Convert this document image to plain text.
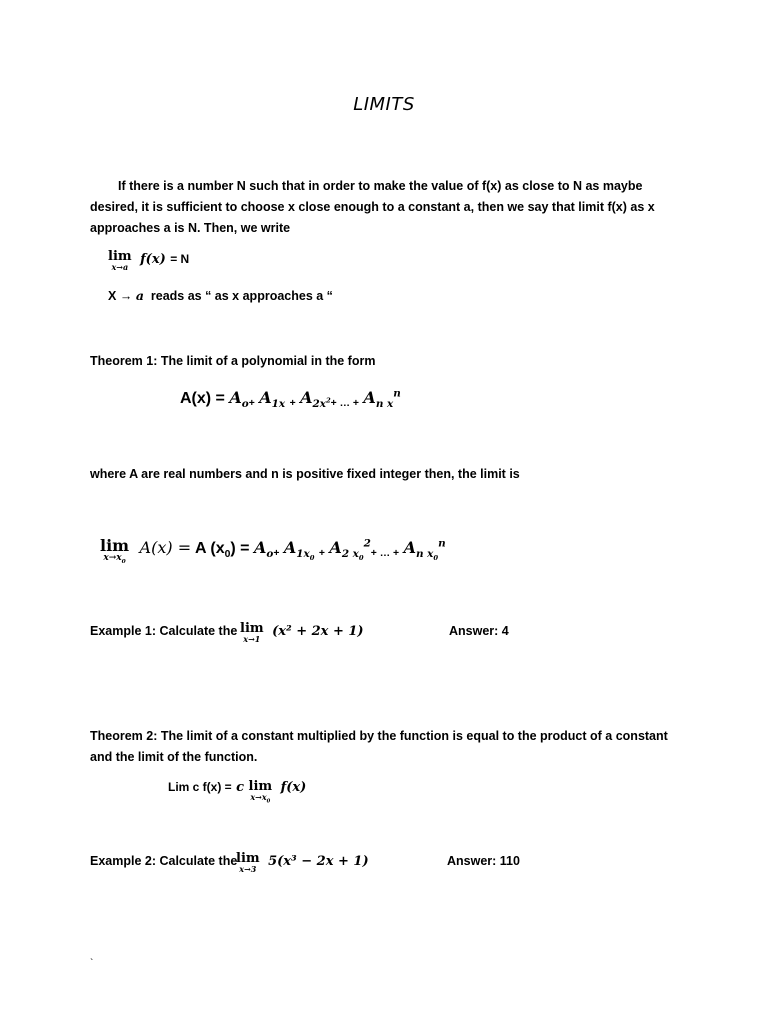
LIMITS
If there is a number N such that in order to make the value of f(x) as close to N as maybe desired, it is sufficient to choose x close enough to a constant a, then we say that limit f(x) as x approaches a is N. Then, we write
lim
x→a f(x) = N
X → a reads as “ as x approaches a “
Theorem 1: The limit of a polynomial in the form
$A(x) = A_o+ A_{1x} + A_{2x^2}+$ … + $A_{n x}^n$
where A are real numbers and n is positive fixed integer then, the limit is
lim
$x\to x_0$
A(x) = A $(x_0) = A_o+ A_{1x_0} + A_{2 x_0}^2+$ … + $A_{n x_0}^n$
Example 1: Calculate the lim
x→1 (x² + 2x + 1)	Answer: 4
Theorem 2: The limit of a constant multiplied by the function is equal to the product of a constant and the limit of the function.
$^{Lim c f(x) =}$ $^c$ lim
$x\to x_0$
$^{f(x)}$
Example 2: Calculate the
lim
x→3 5(x³ − 2x + 1)	Answer: 110
`
